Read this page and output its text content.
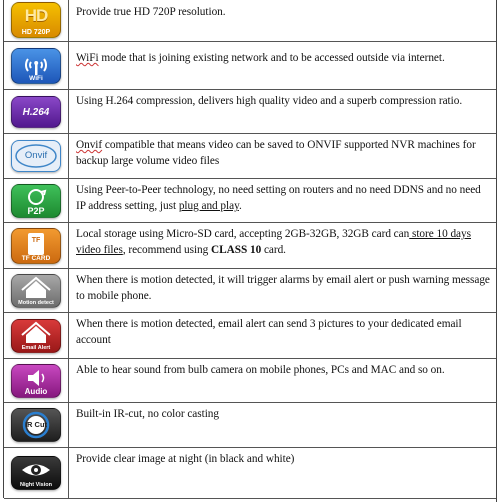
HD
HD 720P
Provide true HD 720P resolution.
WiFi
WiFi mode that is joining existing network and to be accessed outside via internet.
H.264
Using H.264 compression, delivers high quality video and a superb compression ratio.
Onvif
Onvif compatible that means video can be saved to ONVIF supported NVR machines for backup large volume video files
P2P
Using Peer-to-Peer technology, no need setting on routers and no need DDNS and no need IP address setting, just plug and play.
TF
TF CARD
Local storage using Micro-SD card, accepting 2GB-32GB, 32GB card can store 10 days video files, recommend using CLASS 10 card.
Motion detect
When there is motion detected, it will trigger alarms by email alert or push warning message to mobile phone.
Email Alert
When there is motion detected, email alert can send 3 pictures to your dedicated email account
Audio
Able to hear sound from bulb camera on mobile phones, PCs and MAC and so on.
IR Cut
Built-in IR-cut, no color casting
Night Vision
Provide clear image at night (in black and white)
